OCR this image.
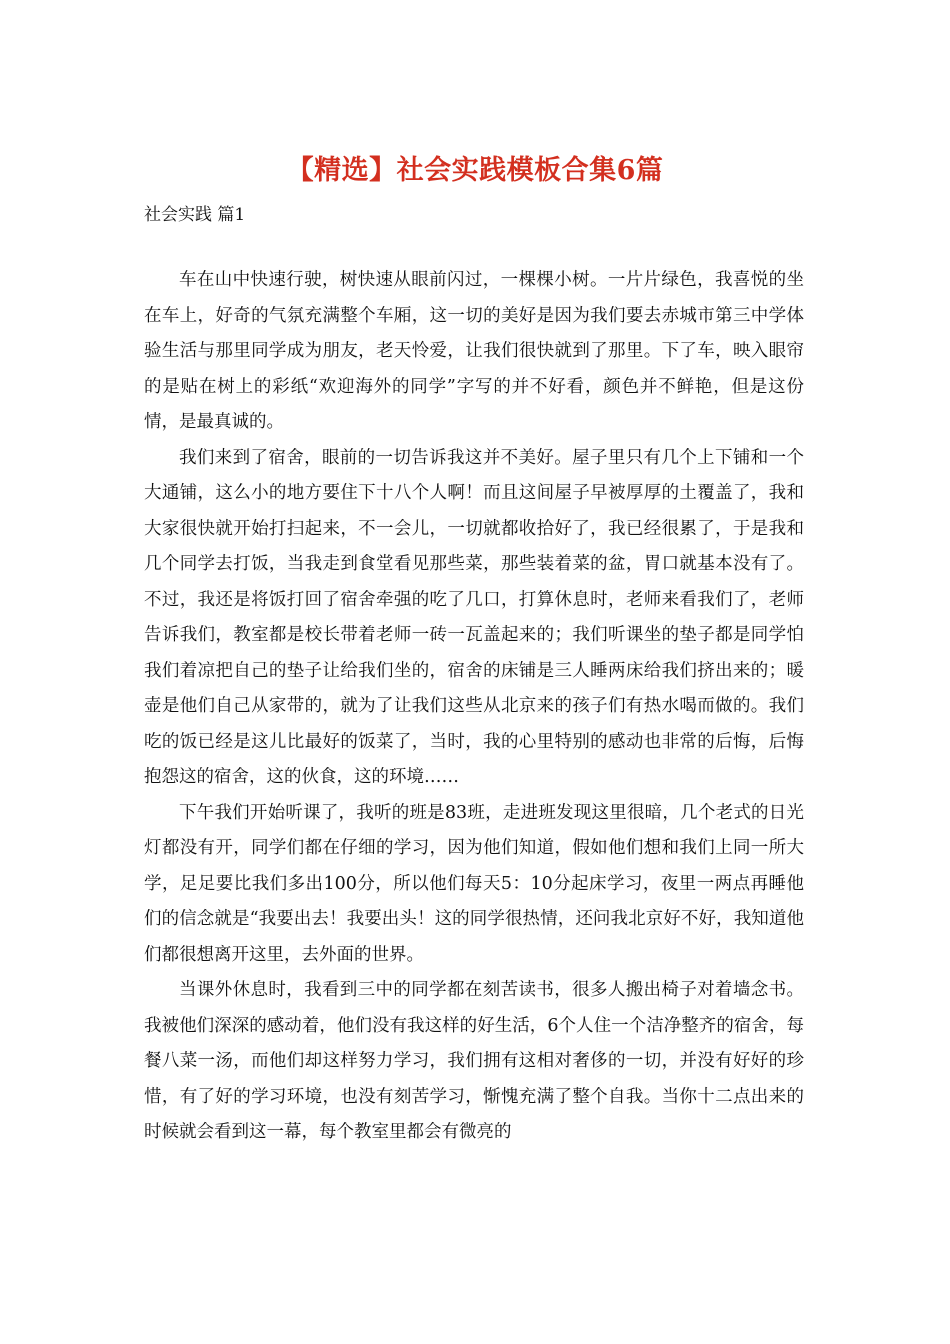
【精选】社会实践模板合集6篇
社会实践 篇1

车在山中快速行驶，树快速从眼前闪过，一棵棵小树。一片片绿色，我喜悦的坐在车上，好奇的气氛充满整个车厢，这一切的美好是因为我们要去赤城市第三中学体验生活与那里同学成为朋友，老天怜爱，让我们很快就到了那里。下了车，映入眼帘的是贴在树上的彩纸“欢迎海外的同学”字写的并不好看，颜色并不鲜艳，但是这份情，是最真诚的。

我们来到了宿舍，眼前的一切告诉我这并不美好。屋子里只有几个上下铺和一个大通铺，这么小的地方要住下十八个人啊！而且这间屋子早被厚厚的土覆盖了，我和大家很快就开始打扫起来，不一会儿，一切就都收拾好了，我已经很累了，于是我和几个同学去打饭，当我走到食堂看见那些菜，那些装着菜的盆，胃口就基本没有了。不过，我还是将饭打回了宿舍牵强的吃了几口，打算休息时，老师来看我们了，老师告诉我们，教室都是校长带着老师一砖一瓦盖起来的；我们听课坐的垫子都是同学怕我们着凉把自己的垫子让给我们坐的，宿舍的床铺是三人睡两床给我们挤出来的；暖壶是他们自己从家带的，就为了让我们这些从北京来的孩子们有热水喝而做的。我们吃的饭已经是这儿比最好的饭菜了，当时，我的心里特别的感动也非常的后悔，后悔抱怨这的宿舍，这的伙食，这的环境……

下午我们开始听课了，我听的班是83班，走进班发现这里很暗，几个老式的日光灯都没有开，同学们都在仔细的学习，因为他们知道，假如他们想和我们上同一所大学，足足要比我们多出100分，所以他们每天5：10分起床学习，夜里一两点再睡他们的信念就是“我要出去！我要出头！这的同学很热情，还问我北京好不好，我知道他们都很想离开这里，去外面的世界。

当课外休息时，我看到三中的同学都在刻苦读书，很多人搬出椅子对着墙念书。我被他们深深的感动着，他们没有我这样的好生活，6个人住一个洁净整齐的宿舍，每餐八菜一汤，而他们却这样努力学习，我们拥有这相对奢侈的一切，并没有好好的珍惜，有了好的学习环境，也没有刻苦学习，惭愧充满了整个自我。当你十二点出来的时候就会看到这一幕，每个教室里都会有微亮的
